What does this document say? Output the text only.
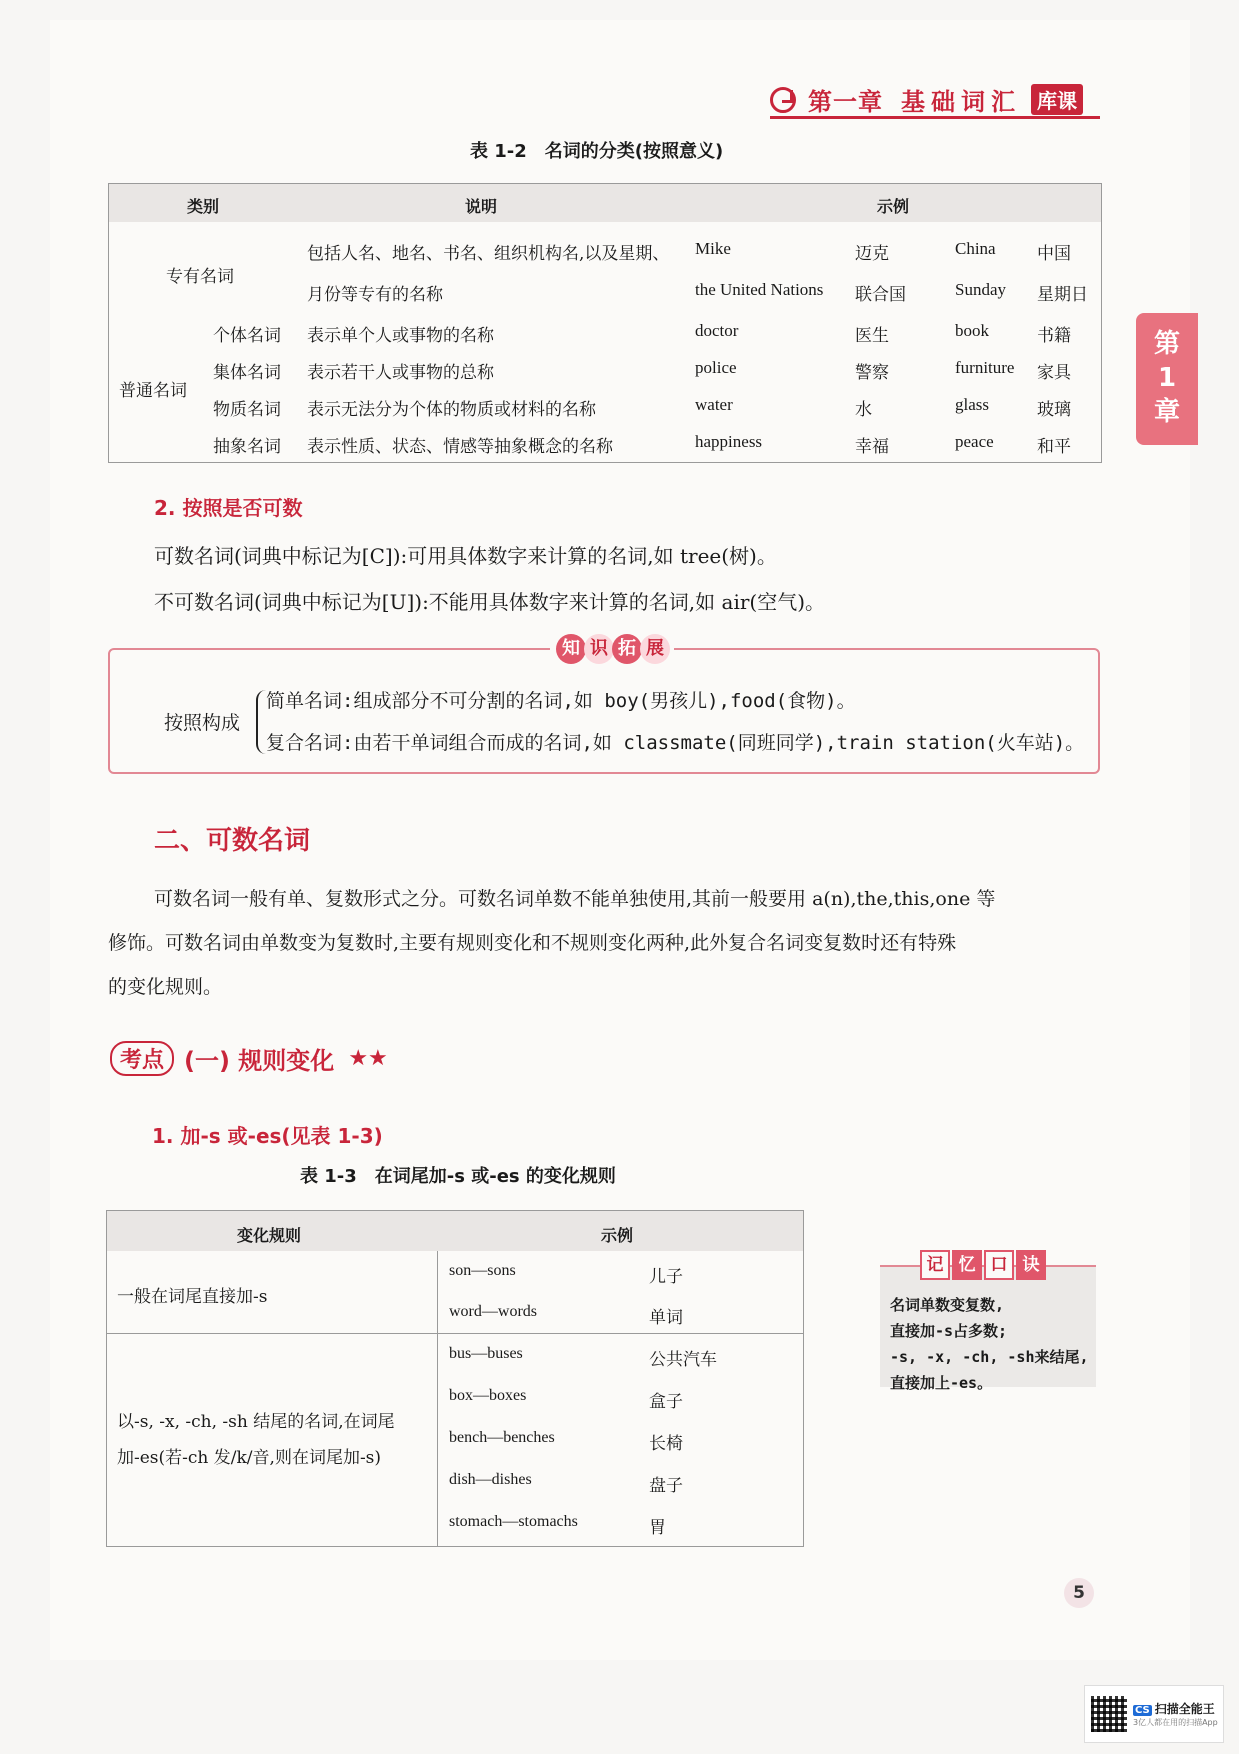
第一章 基础词汇 库课
第
1
章
表 1-2　名词的分类(按照意义)
类别	说明	示例
专有名词
包括人名、地名、书名、组织机构名,以及星期、
月份等专有的名称
Mike	迈克	China 中国
the United Nations 联合国	Sunday 星期日
普通名词
个体名词 表示单个人或事物的名称	doctor	医生	book	书籍
集体名词 表示若干人或事物的总称	police	警察	furniture 家具
物质名词 表示无法分为个体的物质或材料的名称	water	水	glass	玻璃
抽象名词 表示性质、状态、情感等抽象概念的名称	happiness	幸福	peace	和平
2. 按照是否可数
可数名词(词典中标记为[C]):可用具体数字来计算的名词,如 tree(树)。
不可数名词(词典中标记为[U]):不能用具体数字来计算的名词,如 air(空气)。
知 识 拓 展
按照构成
简单名词:组成部分不可分割的名词,如 boy(男孩儿),food(食物)。
复合名词:由若干单词组合而成的名词,如 classmate(同班同学),train station(火车站)。
二、可数名词
可数名词一般有单、复数形式之分。可数名词单数不能单独使用,其前一般要用 a(n),the,this,one 等
修饰。可数名词由单数变为复数时,主要有规则变化和不规则变化两种,此外复合名词变复数时还有特殊
的变化规则。
考点 (一) 规则变化 ★★
1. 加-s 或-es(见表 1-3)
表 1-3　在词尾加-s 或-es 的变化规则
变化规则	示例
一般在词尾直接加-s
son—sons	儿子
word—words	单词
以-s, -x, -ch, -sh 结尾的名词,在词尾
加-es(若-ch 发/k/音,则在词尾加-s)
bus—buses	公共汽车
box—boxes	盒子
bench—benches	长椅
dish—dishes	盘子
stomach—stomachs	胃
记 忆 口 诀
名词单数变复数,
直接加-s占多数;
-s, -x, -ch, -sh来结尾,
直接加上-es。
5
CS 扫描全能王
3亿人都在用的扫描App
